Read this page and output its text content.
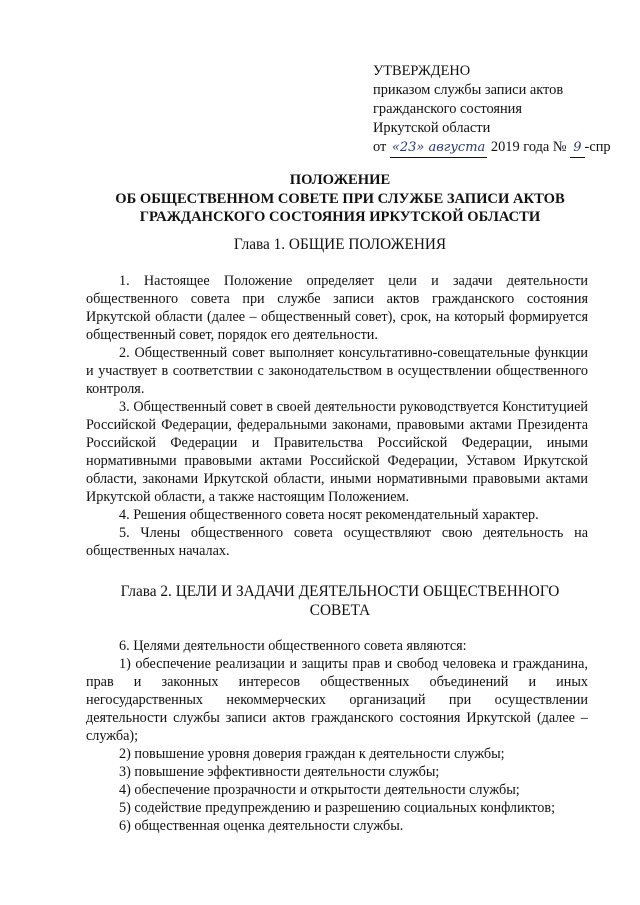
УТВЕРЖДЕНО
приказом службы записи актов
гражданского состояния
Иркутской области
от «23» августа 2019 года № 9 -спр
ПОЛОЖЕНИЕ
ОБ ОБЩЕСТВЕННОМ СОВЕТЕ ПРИ СЛУЖБЕ ЗАПИСИ АКТОВ
ГРАЖДАНСКОГО СОСТОЯНИЯ ИРКУТСКОЙ ОБЛАСТИ
Глава 1. ОБЩИЕ ПОЛОЖЕНИЯ

1. Настоящее Положение определяет цели и задачи деятельности общественного совета при службе записи актов гражданского состояния Иркутской области (далее – общественный совет), срок, на который формируется общественный совет, порядок его деятельности.

2. Общественный совет выполняет консультативно-совещательные функции и участвует в соответствии с законодательством в осуществлении общественного контроля.

3. Общественный совет в своей деятельности руководствуется Конституцией Российской Федерации, федеральными законами, правовыми актами Президента Российской Федерации и Правительства Российской Федерации, иными нормативными правовыми актами Российской Федерации, Уставом Иркутской области, законами Иркутской области, иными нормативными правовыми актами Иркутской области, а также настоящим Положением.

4. Решения общественного совета носят рекомендательный характер.

5. Члены общественного совета осуществляют свою деятельность на общественных началах.

Глава 2. ЦЕЛИ И ЗАДАЧИ ДЕЯТЕЛЬНОСТИ ОБЩЕСТВЕННОГО
СОВЕТА

6. Целями деятельности общественного совета являются:

1) обеспечение реализации и защиты прав и свобод человека и гражданина, прав и законных интересов общественных объединений и иных негосударственных некоммерческих организаций при осуществлении деятельности службы записи актов гражданского состояния Иркутской (далее – служба);

2) повышение уровня доверия граждан к деятельности службы;

3) повышение эффективности деятельности службы;

4) обеспечение прозрачности и открытости деятельности службы;

5) содействие предупреждению и разрешению социальных конфликтов;

6) общественная оценка деятельности службы.
